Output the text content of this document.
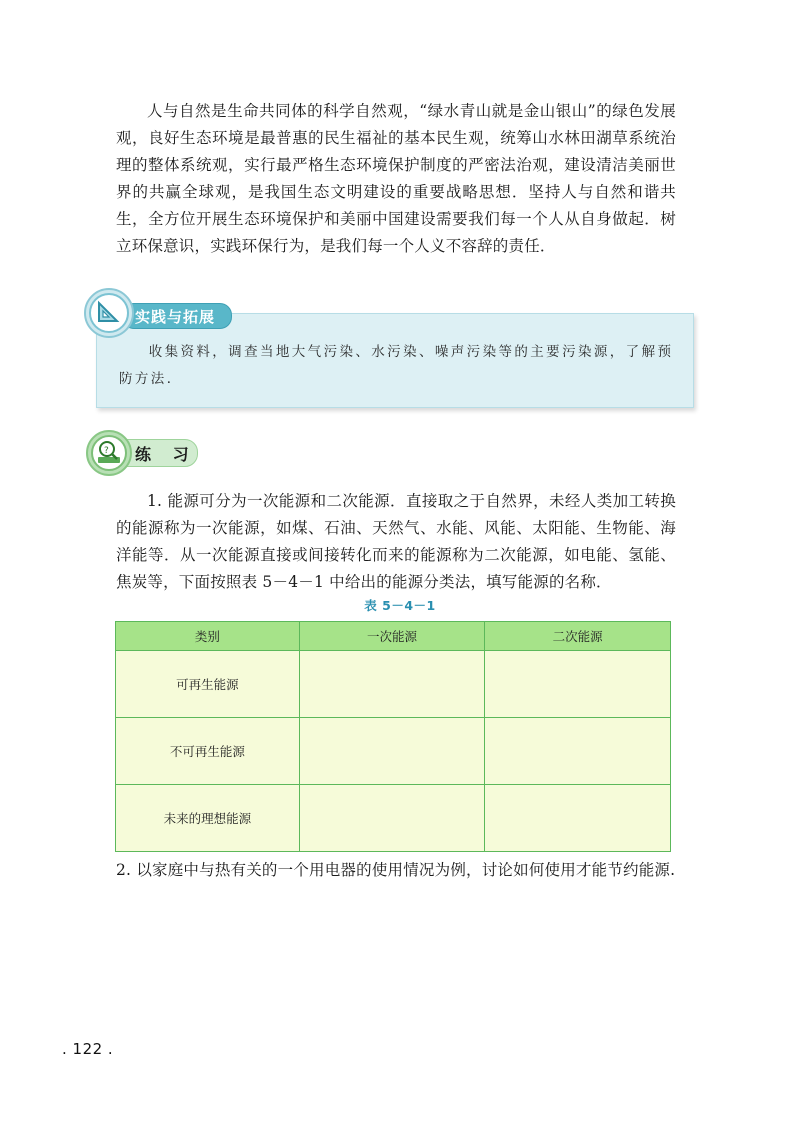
人与自然是生命共同体的科学自然观，“绿水青山就是金山银山”的绿色发展观，良好生态环境是最普惠的民生福祉的基本民生观，统筹山水林田湖草系统治理的整体系统观，实行最严格生态环境保护制度的严密法治观，建设清洁美丽世界的共赢全球观，是我国生态文明建设的重要战略思想．坚持人与自然和谐共生，全方位开展生态环境保护和美丽中国建设需要我们每一个人从自身做起．树立环保意识，实践环保行为，是我们每一个人义不容辞的责任．

收集资料，调查当地大气污染、水污染、噪声污染等的主要污染源，了解预防方法．

实践与拓展
练 习
?

1. 能源可分为一次能源和二次能源．直接取之于自然界，未经人类加工转换的能源称为一次能源，如煤、石油、天然气、水能、风能、太阳能、生物能、海洋能等．从一次能源直接或间接转化而来的能源称为二次能源，如电能、氢能、焦炭等，下面按照表 5－4－1 中给出的能源分类法，填写能源的名称．

表 5－4－1
类别	一次能源	二次能源
可再生能源		
不可再生能源		
未来的理想能源		

2. 以家庭中与热有关的一个用电器的使用情况为例，讨论如何使用才能节约能源.

. 122 .
